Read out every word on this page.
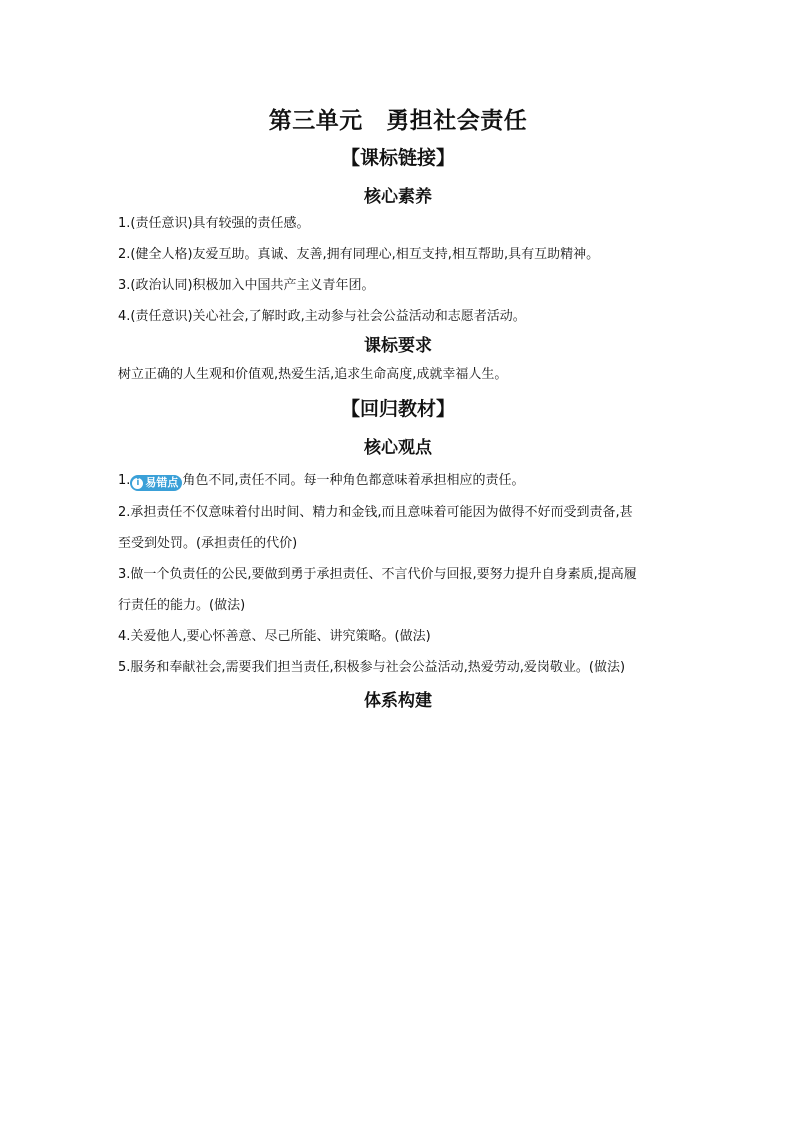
第三单元　勇担社会责任
【课标链接】
核心素养

1.(责任意识)具有较强的责任感。

2.(健全人格)友爱互助。真诚、友善,拥有同理心,相互支持,相互帮助,具有互助精神。

3.(政治认同)积极加入中国共产主义青年团。

4.(责任意识)关心社会,了解时政,主动参与社会公益活动和志愿者活动。

课标要求

树立正确的人生观和价值观,热爱生活,追求生命高度,成就幸福人生。

【回归教材】
核心观点

1. i 易错点 角色不同,责任不同。每一种角色都意味着承担相应的责任。

2.承担责任不仅意味着付出时间、精力和金钱,而且意味着可能因为做得不好而受到责备,甚

至受到处罚。(承担责任的代价)

3.做一个负责任的公民,要做到勇于承担责任、不言代价与回报,要努力提升自身素质,提高履

行责任的能力。(做法)

4.关爱他人,要心怀善意、尽己所能、讲究策略。(做法)

5.服务和奉献社会,需要我们担当责任,积极参与社会公益活动,热爱劳动,爱岗敬业。(做法)

体系构建
